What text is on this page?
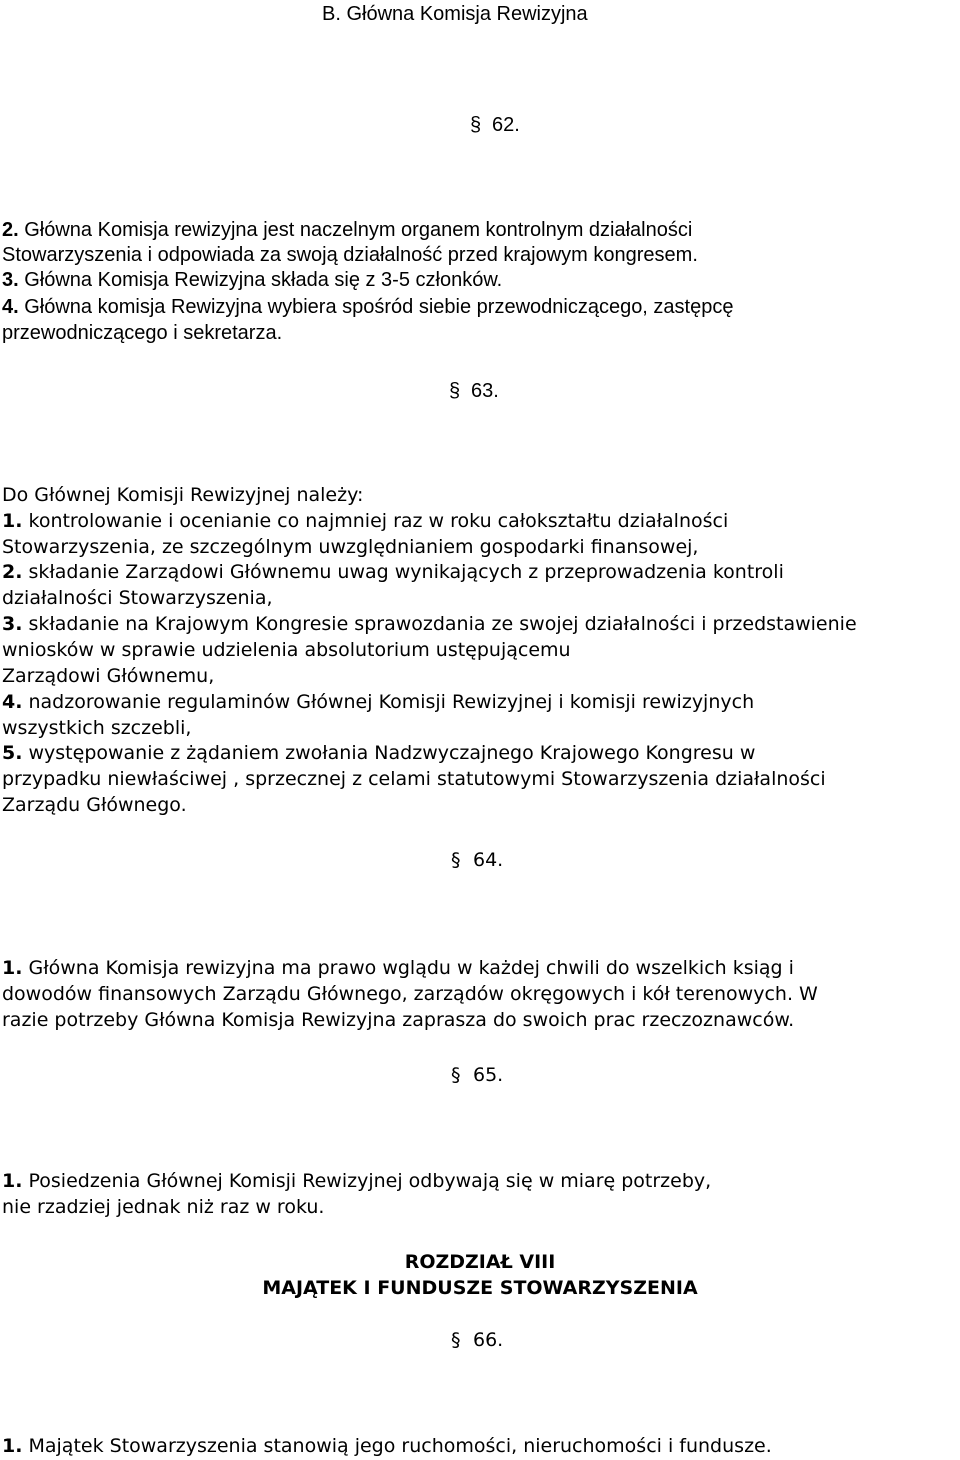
B. Główna Komisja Rewizyjna
§ 62.
2. Główna Komisja rewizyjna jest naczelnym organem kontrolnym działalności
Stowarzyszenia i odpowiada za swoją działalność przed krajowym kongresem.
3. Główna Komisja Rewizyjna składa się z 3-5 członków.
4. Główna komisja Rewizyjna wybiera spośród siebie przewodniczącego, zastępcę
przewodniczącego i sekretarza.
§ 63.
Do Głównej Komisji Rewizyjnej należy:
1. kontrolowanie i ocenianie co najmniej raz w roku całokształtu działalności
Stowarzyszenia, ze szczególnym uwzględnianiem gospodarki finansowej,
2. składanie Zarządowi Głównemu uwag wynikających z przeprowadzenia kontroli
działalności Stowarzyszenia,
3. składanie na Krajowym Kongresie sprawozdania ze swojej działalności i przedstawienie
wniosków w sprawie udzielenia absolutorium ustępującemu
Zarządowi Głównemu,
4. nadzorowanie regulaminów Głównej Komisji Rewizyjnej i komisji rewizyjnych
wszystkich szczebli,
5. występowanie z żądaniem zwołania Nadzwyczajnego Krajowego Kongresu w
przypadku niewłaściwej , sprzecznej z celami statutowymi Stowarzyszenia działalności
Zarządu Głównego.
§ 64.
1. Główna Komisja rewizyjna ma prawo wglądu w każdej chwili do wszelkich ksiąg i
dowodów finansowych Zarządu Głównego, zarządów okręgowych i kół terenowych. W
razie potrzeby Główna Komisja Rewizyjna zaprasza do swoich prac rzeczoznawców.
§ 65.
1. Posiedzenia Głównej Komisji Rewizyjnej odbywają się w miarę potrzeby,
nie rzadziej jednak niż raz w roku.
ROZDZIAŁ VIII
MAJĄTEK I FUNDUSZE STOWARZYSZENIA
§ 66.
1. Majątek Stowarzyszenia stanowią jego ruchomości, nieruchomości i fundusze.
